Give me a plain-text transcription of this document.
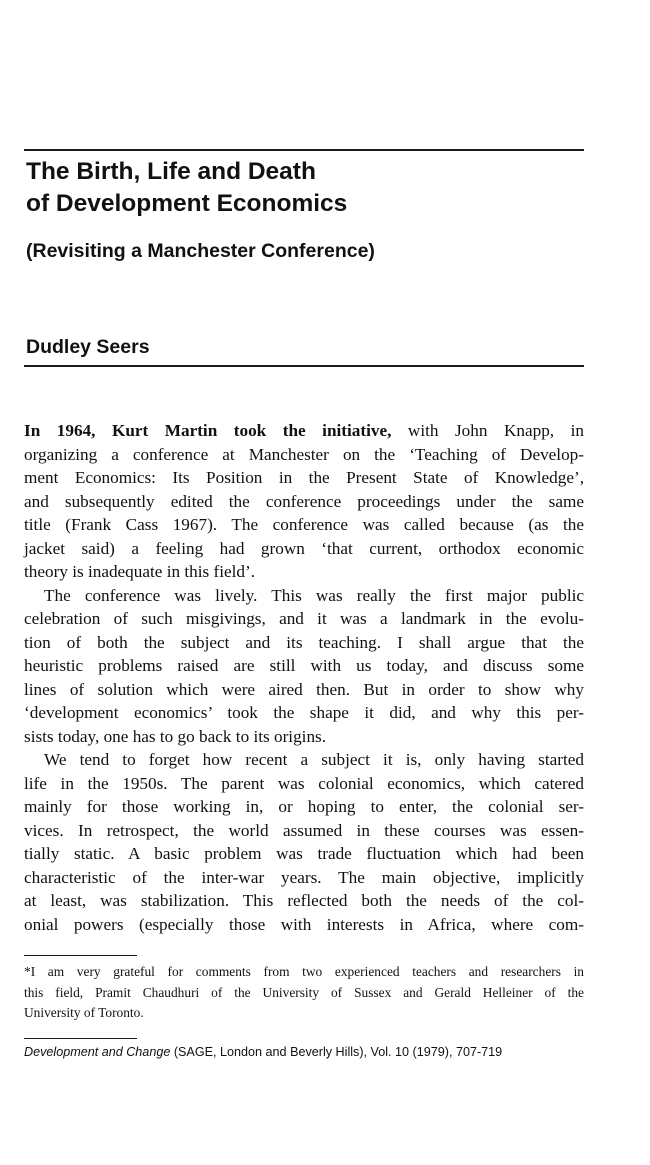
The Birth, Life and Death
of Development Economics
(Revisiting a Manchester Conference)
Dudley Seers
In 1964, Kurt Martin took the initiative, with John Knapp, in
organizing a conference at Manchester on the ‘Teaching of Develop-
ment Economics: Its Position in the Present State of Knowledge’,
and subsequently edited the conference proceedings under the same
title (Frank Cass 1967). The conference was called because (as the
jacket said) a feeling had grown ‘that current, orthodox economic
theory is inadequate in this field’.
The conference was lively. This was really the first major public
celebration of such misgivings, and it was a landmark in the evolu-
tion of both the subject and its teaching. I shall argue that the
heuristic problems raised are still with us today, and discuss some
lines of solution which were aired then. But in order to show why
‘development economics’ took the shape it did, and why this per-
sists today, one has to go back to its origins.
We tend to forget how recent a subject it is, only having started
life in the 1950s. The parent was colonial economics, which catered
mainly for those working in, or hoping to enter, the colonial ser-
vices. In retrospect, the world assumed in these courses was essen-
tially static. A basic problem was trade fluctuation which had been
characteristic of the inter-war years. The main objective, implicitly
at least, was stabilization. This reflected both the needs of the col-
onial powers (especially those with interests in Africa, where com-
*I am very grateful for comments from two experienced teachers and researchers in
this field, Pramit Chaudhuri of the University of Sussex and Gerald Helleiner of the
University of Toronto.
Development and Change (SAGE, London and Beverly Hills), Vol. 10 (1979), 707-719
